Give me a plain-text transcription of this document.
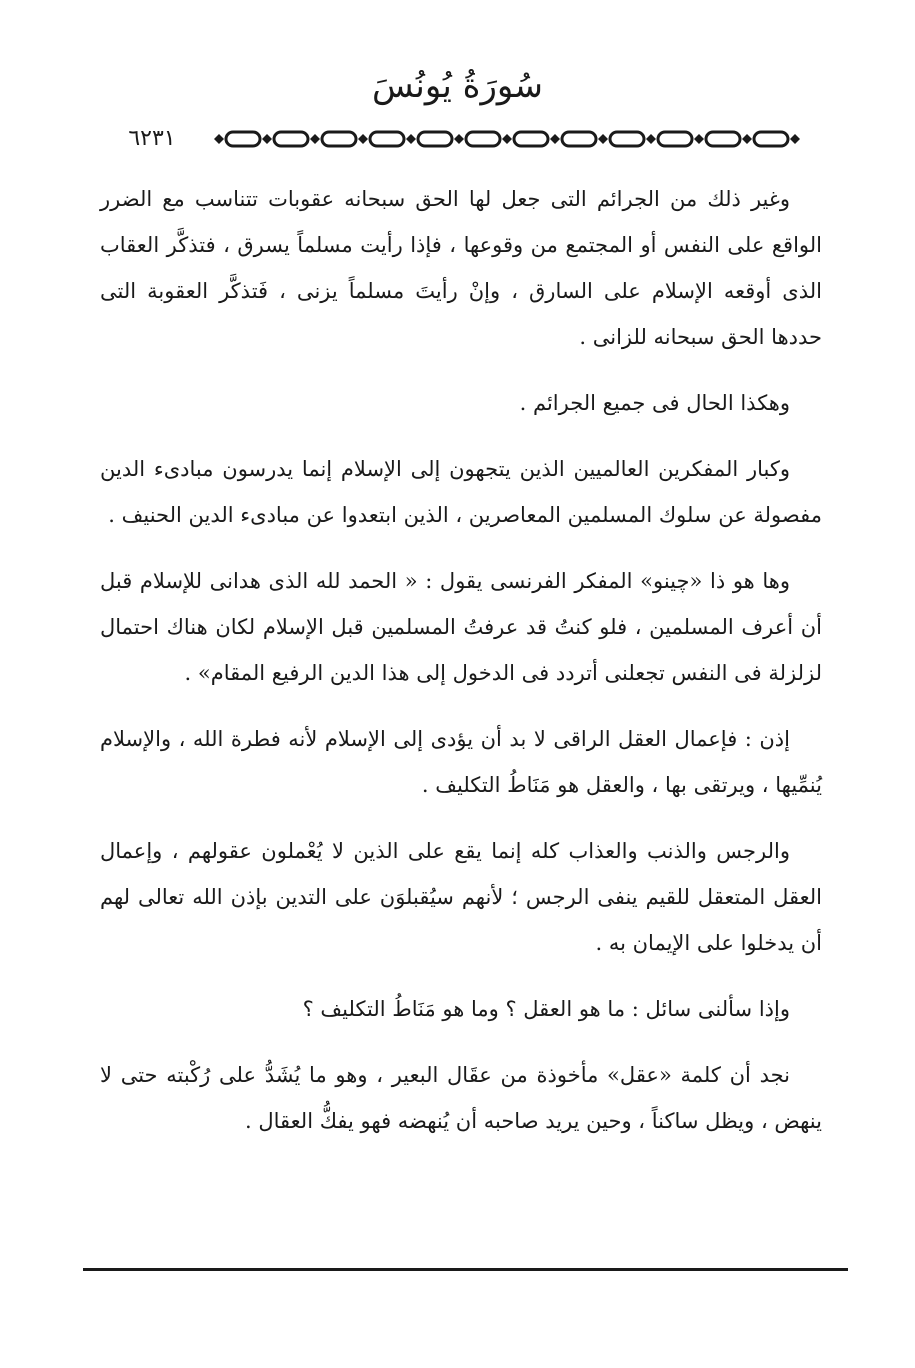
سُورَةُ يُونُسَ
٦٢٣١

وغير ذلك من الجرائم التى جعل لها الحق سبحانه عقوبات تتناسب مع الضرر الواقع على النفس أو المجتمع من وقوعها ، فإذا رأيت مسلماً يسرق ، فتذكَّر العقاب الذى أوقعه الإسلام على السارق ، وإنْ رأيتَ مسلماً يزنى ، فَتذكَّر العقوبة التى حددها الحق سبحانه للزانى .

وهكذا الحال فى جميع الجرائم .

وكبار المفكرين العالميين الذين يتجهون إلى الإسلام إنما يدرسون مبادىء الدين مفصولة عن سلوك المسلمين المعاصرين ، الذين ابتعدوا عن مبادىء الدين الحنيف .

وها هو ذا «چينو» المفكر الفرنسى يقول : « الحمد لله الذى هدانى للإسلام قبل أن أعرف المسلمين ، فلو كنتُ قد عرفتُ المسلمين قبل الإسلام لكان هناك احتمال لزلزلة فى النفس تجعلنى أتردد فى الدخول إلى هذا الدين الرفيع المقام» .

إذن : فإعمال العقل الراقى لا بد أن يؤدى إلى الإسلام لأنه فطرة الله ، والإسلام يُنمِّيها ، ويرتقى بها ، والعقل هو مَنَاطُ التكليف .

والرجس والذنب والعذاب كله إنما يقع على الذين لا يُعْملون عقولهم ، وإعمال العقل المتعقل للقيم ينفى الرجس ؛ لأنهم سيُقبلوَن على التدين بإذن الله تعالى لهم أن يدخلوا على الإيمان به .

وإذا سألنى سائل : ما هو العقل ؟ وما هو مَنَاطُ التكليف ؟

نجد أن كلمة «عقل» مأخوذة من عقَال البعير ، وهو ما يُشَدُّ على رُكْبته حتى لا ينهض ، ويظل ساكناً ، وحين يريد صاحبه أن يُنهضه فهو يفكُّ العقال .
